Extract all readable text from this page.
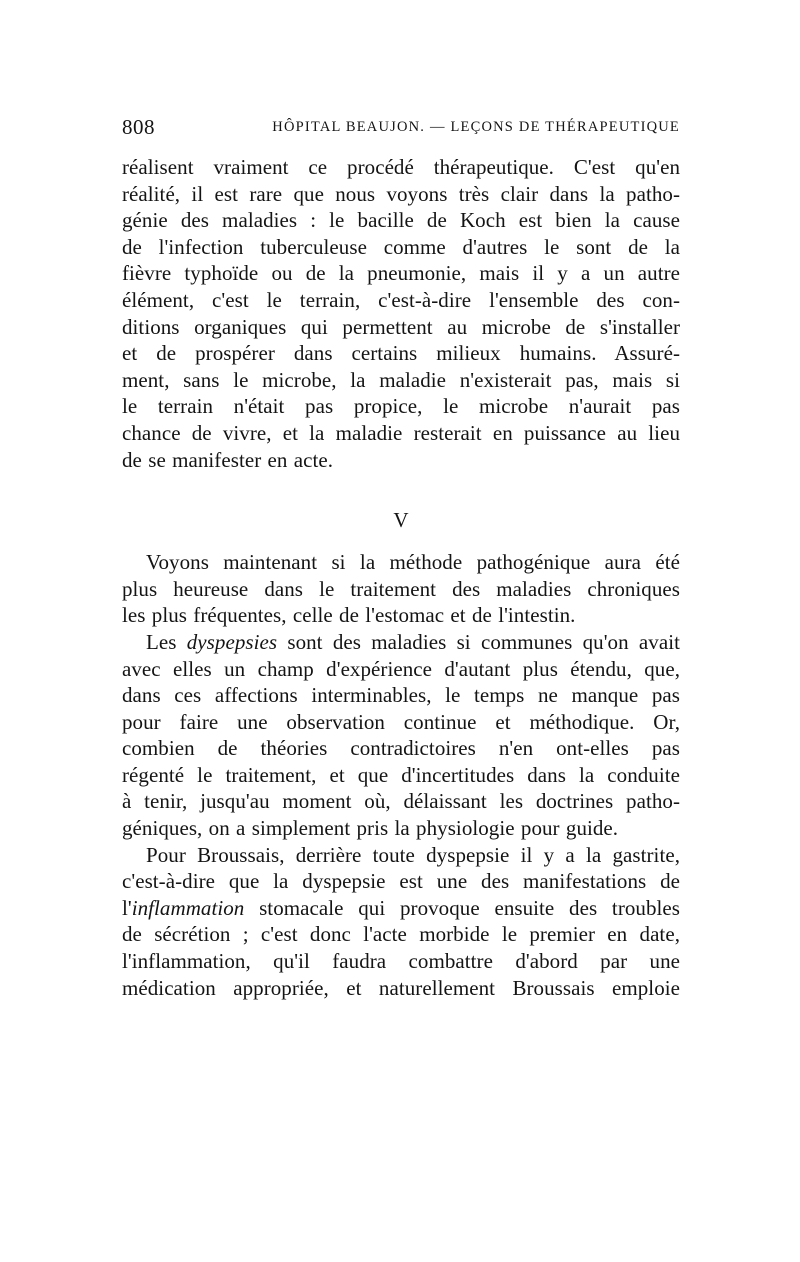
808	HÔPITAL BEAUJON. — LEÇONS DE THÉRAPEUTIQUE
réalisent vraiment ce procédé thérapeutique. C'est qu'en
réalité, il est rare que nous voyons très clair dans la patho-
génie des maladies : le bacille de Koch est bien la cause
de l'infection tuberculeuse comme d'autres le sont de la
fièvre typhoïde ou de la pneumonie, mais il y a un autre
élément, c'est le terrain, c'est-à-dire l'ensemble des con-
ditions organiques qui permettent au microbe de s'installer
et de prospérer dans certains milieux humains. Assuré-
ment, sans le microbe, la maladie n'existerait pas, mais si
le terrain n'était pas propice, le microbe n'aurait pas
chance de vivre, et la maladie resterait en puissance au lieu
de se manifester en acte.
V
Voyons maintenant si la méthode pathogénique aura été
plus heureuse dans le traitement des maladies chroniques
les plus fréquentes, celle de l'estomac et de l'intestin.
Les dyspepsies sont des maladies si communes qu'on avait
avec elles un champ d'expérience d'autant plus étendu, que,
dans ces affections interminables, le temps ne manque pas
pour faire une observation continue et méthodique. Or,
combien de théories contradictoires n'en ont-elles pas
régenté le traitement, et que d'incertitudes dans la conduite
à tenir, jusqu'au moment où, délaissant les doctrines patho-
géniques, on a simplement pris la physiologie pour guide.
Pour Broussais, derrière toute dyspepsie il y a la gastrite,
c'est-à-dire que la dyspepsie est une des manifestations de
l'inflammation stomacale qui provoque ensuite des troubles
de sécrétion ; c'est donc l'acte morbide le premier en date,
l'inflammation, qu'il faudra combattre d'abord par une
médication appropriée, et naturellement Broussais emploie
